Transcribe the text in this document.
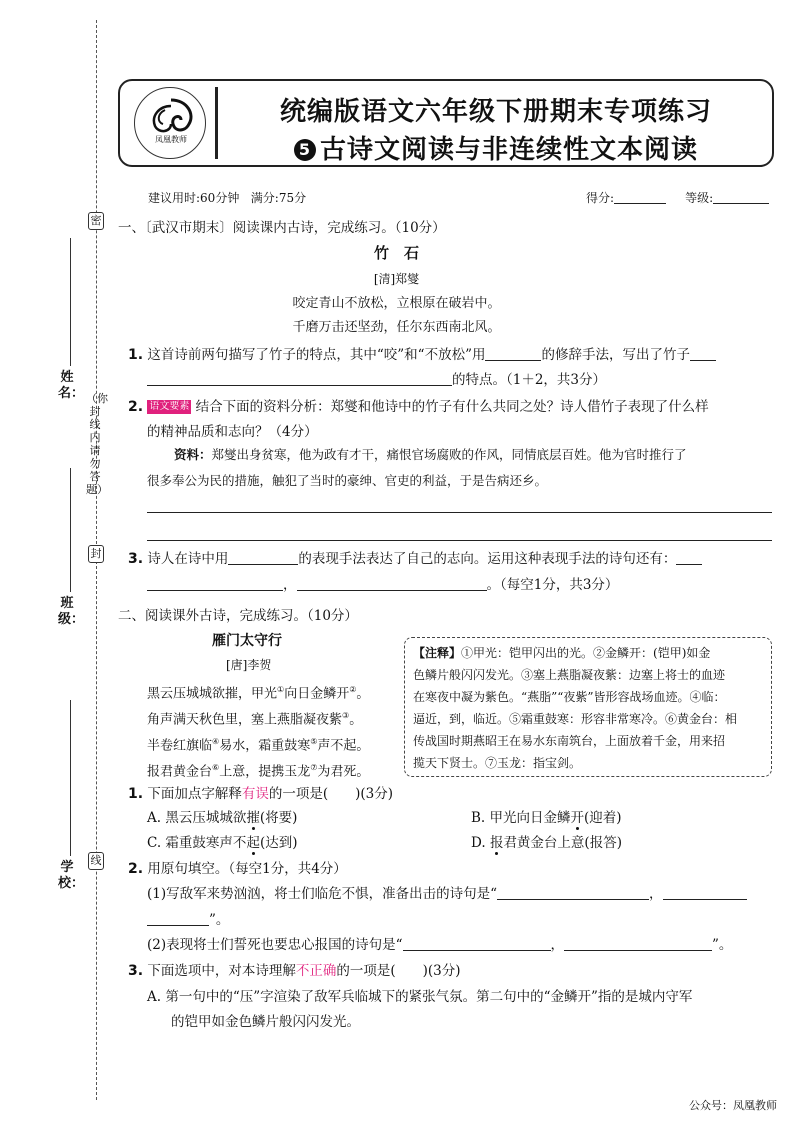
密
封
线
（你封线内请勿答题）
姓名：
班级：
学校：
凤凰教师
统编版语文六年级下册期末专项练习
5 古诗文阅读与非连续性文本阅读
建议用时:60分钟 满分:75分	得分:	等级:
一、〔武汉市期末〕阅读课内古诗，完成练习。（10分）
竹　石
[清]郑燮
咬定青山不放松，立根原在破岩中。
千磨万击还坚劲，任尔东西南北风。
1. 这首诗前两句描写了竹子的特点，其中“咬”和“不放松”用	的修辞手法，写出了竹子
的特点。（1＋2，共3分）
2. 语文要素 结合下面的资料分析：郑燮和他诗中的竹子有什么共同之处？诗人借竹子表现了什么样
的精神品质和志向？（4分）
资料：郑燮出身贫寒，他为政有才干，痛恨官场腐败的作风，同情底层百姓。他为官时推行了
很多奉公为民的措施，触犯了当时的豪绅、官吏的利益，于是告病还乡。
3. 诗人在诗中用	的表现手法表达了自己的志向。运用这种表现手法的诗句还有：
，	。（每空1分，共3分）
二、阅读课外古诗，完成练习。（10分）
雁门太守行
[唐]李贺
黑云压城城欲摧，甲光①向日金鳞开②。
角声满天秋色里，塞上燕脂凝夜紫③。
半卷红旗临④易水，霜重鼓寒⑤声不起。
报君黄金台⑥上意，提携玉龙⑦为君死。
【注释】①甲光：铠甲闪出的光。②金鳞开：(铠甲)如金
色鳞片般闪闪发光。③塞上燕脂凝夜紫：边塞上将士的血迹
在寒夜中凝为紫色。“燕脂”“夜紫”皆形容战场血迹。④临：
逼近，到，临近。⑤霜重鼓寒：形容非常寒冷。⑥黄金台：相
传战国时期燕昭王在易水东南筑台，上面放着千金，用来招
揽天下贤士。⑦玉龙：指宝剑。
1. 下面加点字解释有误的一项是(　　)(3分)
A. 黑云压城城欲摧(将要)	B. 甲光向日金鳞开(迎着)
C. 霜重鼓寒声不起(达到)	D. 报君黄金台上意(报答)
2. 用原句填空。（每空1分，共4分）
(1)写敌军来势汹汹，将士们临危不惧，准备出击的诗句是“	，
”。
(2)表现将士们誓死也要忠心报国的诗句是“	，	”。
3. 下面选项中，对本诗理解不正确的一项是(　　)(3分)
A. 第一句中的“压”字渲染了敌军兵临城下的紧张气氛。第二句中的“金鳞开”指的是城内守军
的铠甲如金色鳞片般闪闪发光。
公众号：凤凰教师
